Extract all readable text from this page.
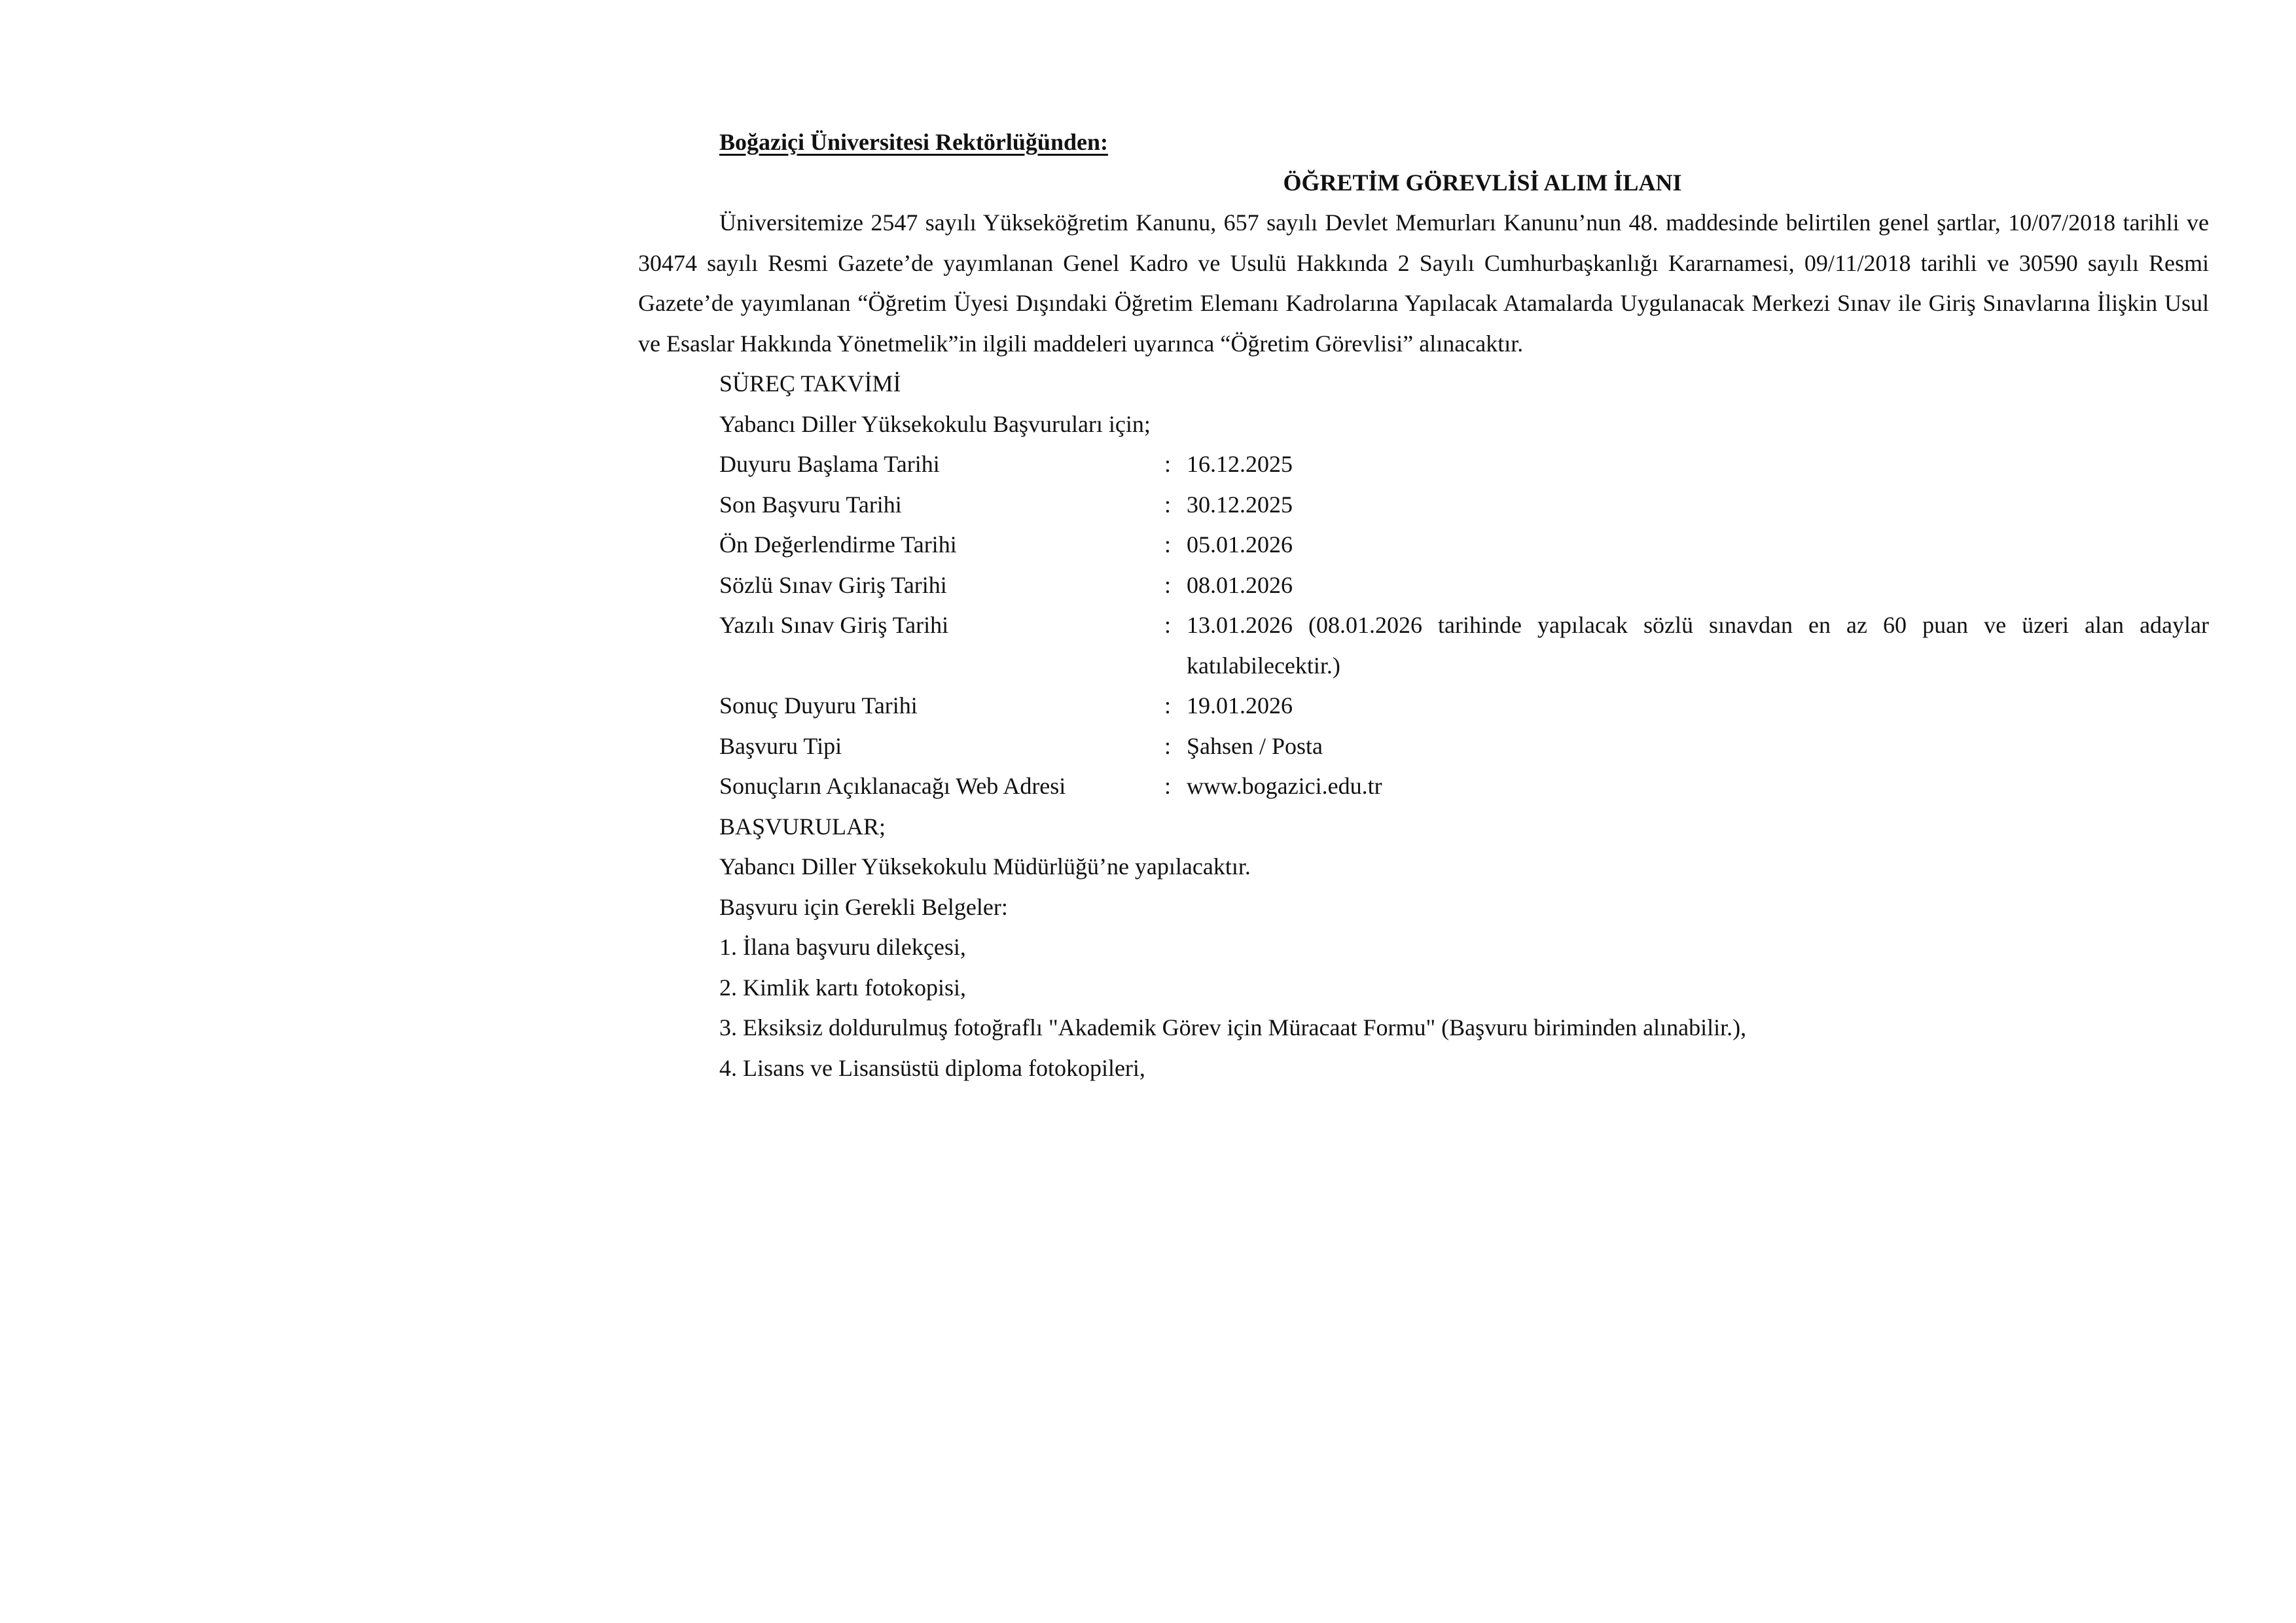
Boğaziçi Üniversitesi Rektörlüğünden:
ÖĞRETİM GÖREVLİSİ ALIM İLANI
Üniversitemize 2547 sayılı Yükseköğretim Kanunu, 657 sayılı Devlet Memurları Kanunu’nun 48. maddesinde belirtilen genel şartlar, 10/07/2018 tarihli ve 30474 sayılı Resmi Gazete’de yayımlanan Genel Kadro ve Usulü Hakkında 2 Sayılı Cumhurbaşkanlığı Kararnamesi, 09/11/2018 tarihli ve 30590 sayılı Resmi Gazete’de yayımlanan “Öğretim Üyesi Dışındaki Öğretim Elemanı Kadrolarına Yapılacak Atamalarda Uygulanacak Merkezi Sınav ile Giriş Sınavlarına İlişkin Usul ve Esaslar Hakkında Yönetmelik”in ilgili maddeleri uyarınca “Öğretim Görevlisi” alınacaktır.
SÜREÇ TAKVİMİ
Yabancı Diller Yüksekokulu Başvuruları için;
Duyuru Başlama Tarihi	: 16.12.2025
Son Başvuru Tarihi	: 30.12.2025
Ön Değerlendirme Tarihi	: 05.01.2026
Sözlü Sınav Giriş Tarihi	: 08.01.2026
Yazılı Sınav Giriş Tarihi	: 13.01.2026 (08.01.2026 tarihinde yapılacak sözlü sınavdan en az 60 puan ve üzeri alan adaylar katılabilecektir.)
Sonuç Duyuru Tarihi	: 19.01.2026
Başvuru Tipi	: Şahsen / Posta
Sonuçların Açıklanacağı Web Adresi	: www.bogazici.edu.tr
BAŞVURULAR;
Yabancı Diller Yüksekokulu Müdürlüğü’ne yapılacaktır.
Başvuru için Gerekli Belgeler:
1. İlana başvuru dilekçesi,
2. Kimlik kartı fotokopisi,
3. Eksiksiz doldurulmuş fotoğraflı "Akademik Görev için Müracaat Formu" (Başvuru biriminden alınabilir.),
4. Lisans ve Lisansüstü diploma fotokopileri,
